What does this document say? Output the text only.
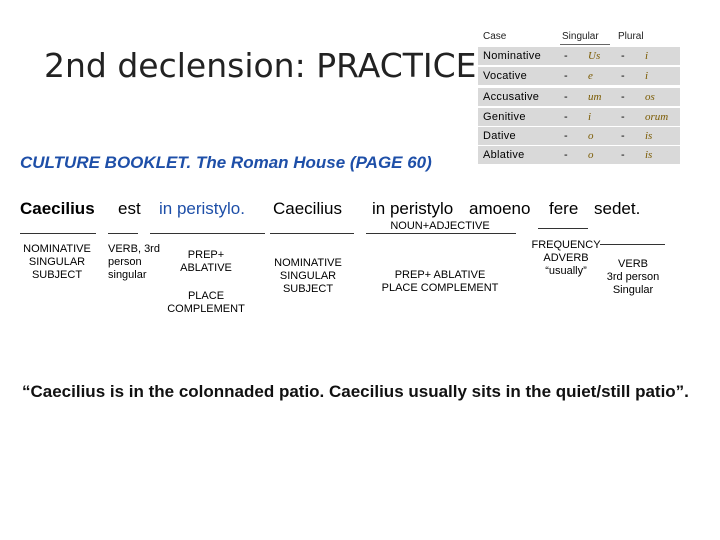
2nd declension: PRACTICE
CULTURE BOOKLET. The Roman House (PAGE 60)
Case	Singular Plural
Nominative - Us - i
Vocative	- e	- i
Accusative - um - os
Genitive	- i	- orum
Dative	- o	- is
Ablative	- o	- is
Caecilius est in peristylo. Caecilius in peristylo amoeno fere sedet.
NOMINATIVE
SINGULAR
SUBJECT
VERB, 3rd
person
singular
PREP+
ABLATIVE
PLACE
COMPLEMENT
NOMINATIVE
SINGULAR
SUBJECT
NOUN+ADJECTIVE
PREP+ ABLATIVE
PLACE COMPLEMENT
FREQUENCY
ADVERB
“usually”
VERB
3rd person
Singular
“Caecilius is in the colonnaded patio. Caecilius usually sits in the quiet/still patio”.
